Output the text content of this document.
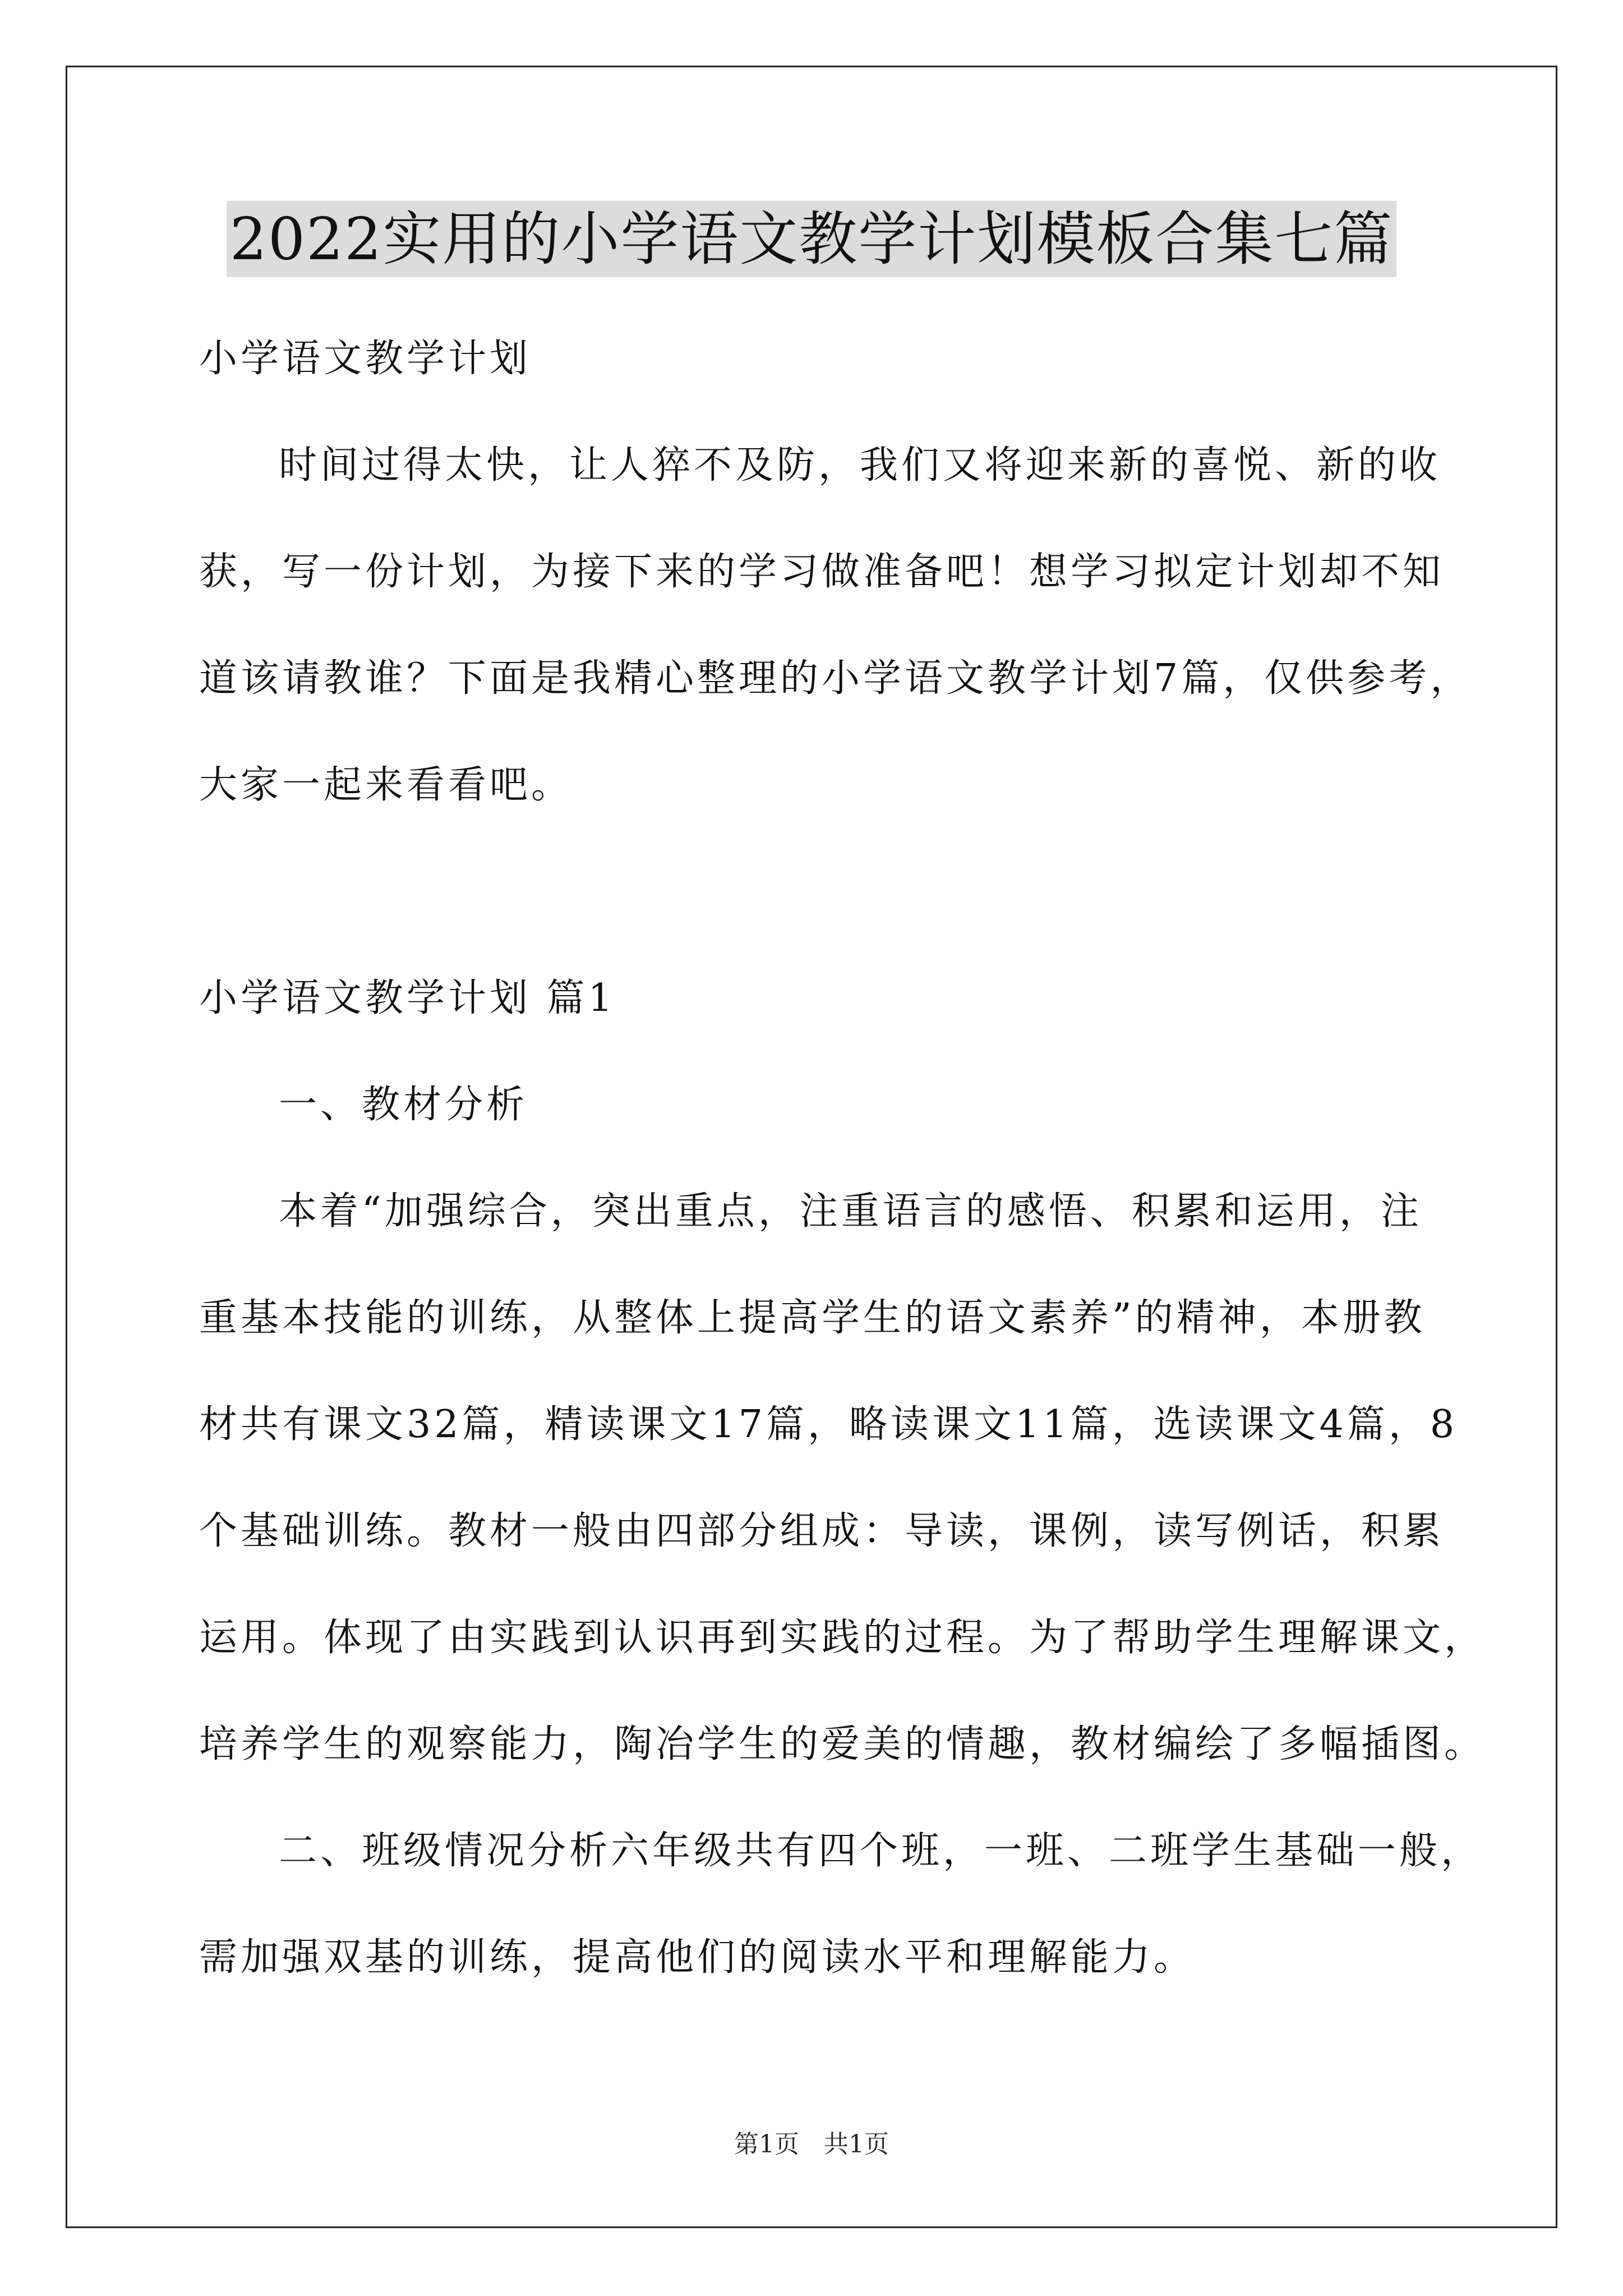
2022实用的小学语文教学计划模板合集七篇
小学语文教学计划
时间过得太快，让人猝不及防，我们又将迎来新的喜悦、新的收
获，写一份计划，为接下来的学习做准备吧！想学习拟定计划却不知
道该请教谁？下面是我精心整理的小学语文教学计划7篇，仅供参考，
大家一起来看看吧。
小学语文教学计划 篇1
一、教材分析
本着“加强综合，突出重点，注重语言的感悟、积累和运用，注
重基本技能的训练，从整体上提高学生的语文素养”的精神，本册教
材共有课文32篇，精读课文17篇，略读课文11篇，选读课文4篇，8
个基础训练。教材一般由四部分组成：导读，课例，读写例话，积累
运用。体现了由实践到认识再到实践的过程。为了帮助学生理解课文，
培养学生的观察能力，陶冶学生的爱美的情趣，教材编绘了多幅插图。
二、班级情况分析六年级共有四个班，一班、二班学生基础一般，
需加强双基的训练，提高他们的阅读水平和理解能力。
第1页　共1页
